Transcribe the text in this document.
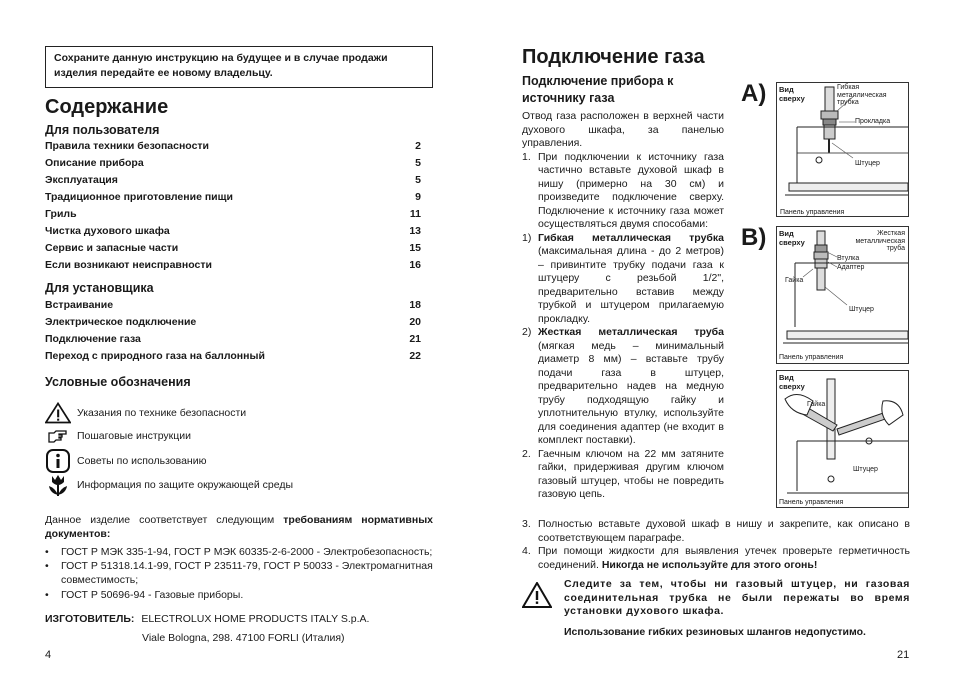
Сохраните данную инструкцию на будущее и в случае продажи изделия передайте ее новому владельцу.
Содержание
Для пользователя
Правила техники безопасности	2
Описание прибора	5
Эксплуатация	5
Традиционное приготовление пищи	9
Гриль	11
Чистка духового шкафа	13
Сервис и запасные части	15
Если возникают неисправности	16
Для установщика
Встраивание	18
Электрическое подключение	20
Подключение газа	21
Переход с природного газа на баллонный	22
Условные обозначения
Указания по технике безопасности
Пошаговые инструкции
Советы по использованию
Информация по защите окружающей среды
Данное изделие соответствует следующим требованиям нормативных документов:
• ГОСТ Р МЭК 335-1-94, ГОСТ Р МЭК 60335-2-6-2000 - Электробезопасность;
• ГОСТ Р 51318.14.1-99, ГОСТ Р 23511-79, ГОСТ Р 50033 - Электромагнитная совместимость;
• ГОСТ Р 50696-94 - Газовые приборы.
ИЗГОТОВИТЕЛЬ: ELECTROLUX HOME PRODUCTS ITALY S.p.A.
Viale Bologna, 298. 47100 FORLI (Италия)
4
Подключение газа
Подключение прибора к источнику газа
Отвод газа расположен в верхней части духового шкафа, за панелью управления.
1. При подключении к источнику газа частично вставьте духовой шкаф в нишу (примерно на 30 см) и произведите подключение сверху. Подключение к источнику газа может осуществляться двумя способами:
1) Гибкая металлическая трубка (максимальная длина - до 2 метров) – привинтите трубку подачи газа к штуцеру с резьбой 1/2", предварительно вставив между трубкой и штуцером прилагаемую прокладку.
2) Жесткая металлическая труба (мягкая медь – минимальный диаметр 8 мм) – вставьте трубу подачи газа в штуцер, предварительно надев на медную трубу подходящую гайку и уплотнительную втулку, используйте для соединения адаптер (не входит в комплект поставки).
2. Гаечным ключом на 22 мм затяните гайки, придерживая другим ключом газовый штуцер, чтобы не повредить газовую цепь.
3. Полностью вставьте духовой шкаф в нишу и закрепите, как описано в соответствующем параграфе.
4. При помощи жидкости для выявления утечек проверьте герметичность соединений. Никогда не используйте для этого огонь!
Следите за тем, чтобы ни газовый штуцер, ни газовая соединительная трубка не были пережаты во время установки духового шкафа.
Использование гибких резиновых шлангов недопустимо.
21
A)
B)
Вид сверху
Гибкая металлическая трубка
Прокладка
Штуцер
Панель управления
Вид сверху
Жесткая металлическая труба
Втулка
Адаптер
Гайка
Штуцер
Панель управления
Вид сверху
Гайка
Штуцер
Панель управления
